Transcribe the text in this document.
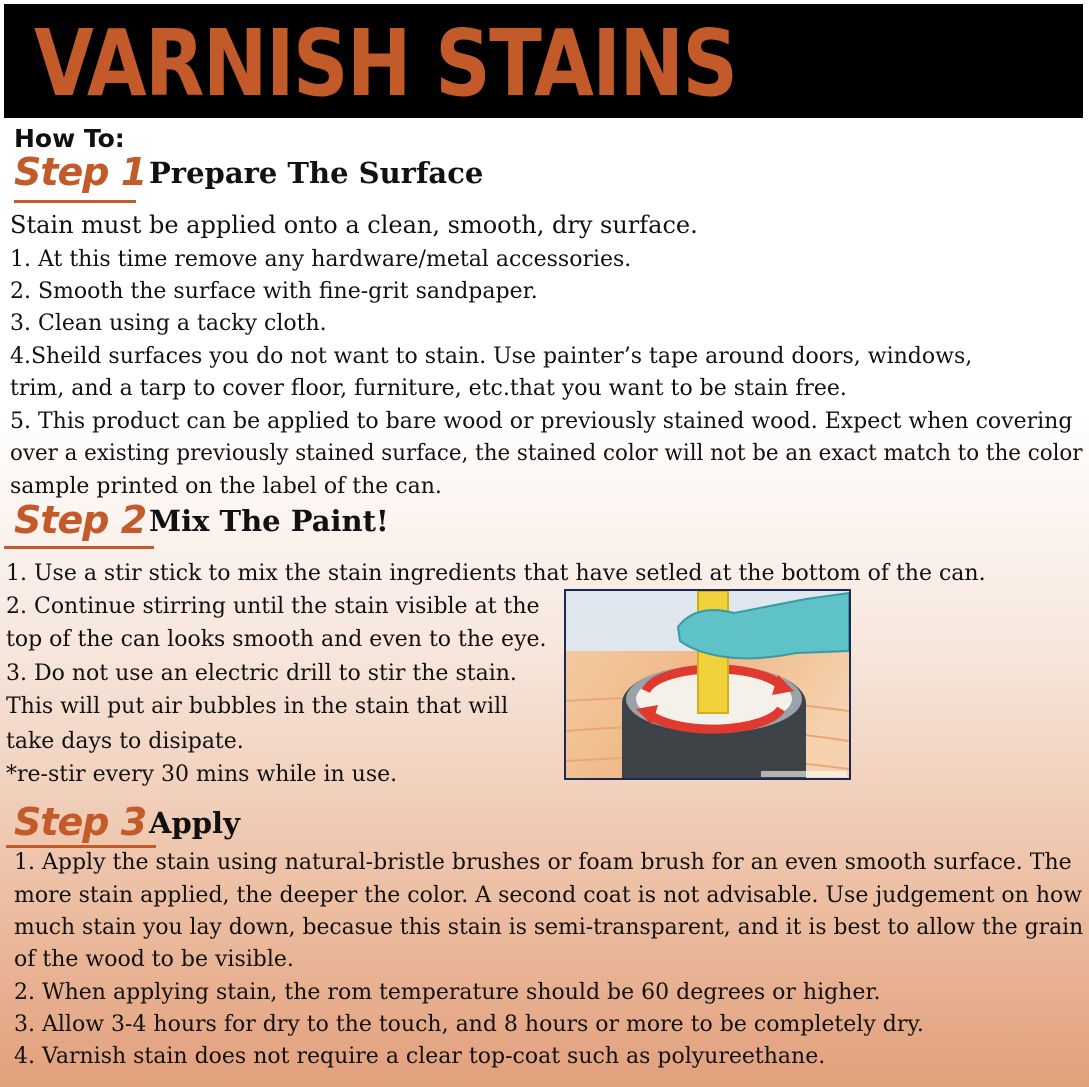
VARNISH STAINS
How To:
Step 1 Prepare The Surface
Stain must be applied onto a clean, smooth, dry surface.
1. At this time remove any hardware/metal accessories.
2. Smooth the surface with fine-grit sandpaper.
3. Clean using a tacky cloth.
4.Sheild surfaces you do not want to stain. Use painter’s tape around doors, windows,
trim, and a tarp to cover floor, furniture, etc.that you want to be stain free.
5. This product can be applied to bare wood or previously stained wood. Expect when covering
over a existing previously stained surface, the stained color will not be an exact match to the color
sample printed on the label of the can.
Step 2 Mix The Paint!
1. Use a stir stick to mix the stain ingredients that have setled at the bottom of the can.
2. Continue stirring until the stain visible at the
top of the can looks smooth and even to the eye.
3. Do not use an electric drill to stir the stain.
This will put air bubbles in the stain that will
take days to disipate.
*re-stir every 30 mins while in use.
Step 3 Apply
1. Apply the stain using natural-bristle brushes or foam brush for an even smooth surface. The
more stain applied, the deeper the color. A second coat is not advisable. Use judgement on how
much stain you lay down, becasue this stain is semi-transparent, and it is best to allow the grain
of the wood to be visible.
2. When applying stain, the rom temperature should be 60 degrees or higher.
3. Allow 3-4 hours for dry to the touch, and 8 hours or more to be completely dry.
4. Varnish stain does not require a clear top-coat such as polyureethane.
